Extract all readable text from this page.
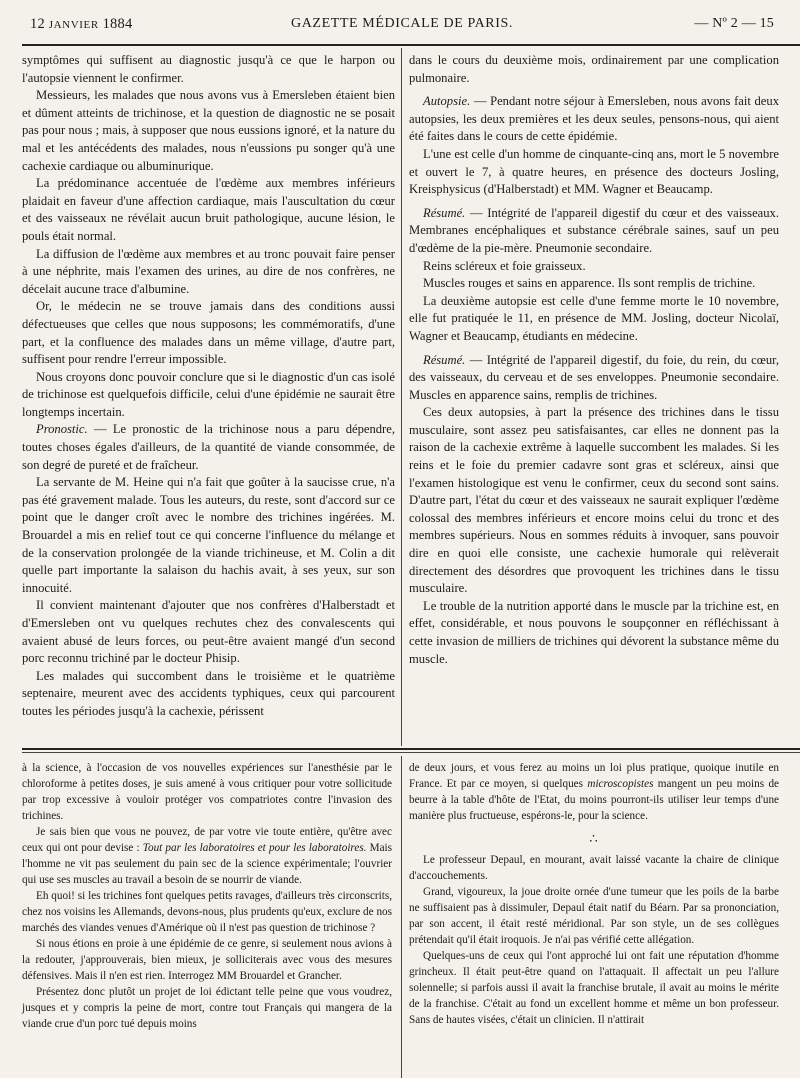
12 JANVIER 1884	GAZETTE MÉDICALE DE PARIS.	— Nº 2 — 15

symptômes qui suffisent au diagnostic jusqu'à ce que le harpon ou l'autopsie viennent le confirmer.

Messieurs, les malades que nous avons vus à Emersleben étaient bien et dûment atteints de trichinose, et la question de diagnostic ne se posait pas pour nous ; mais, à supposer que nous eussions ignoré, et la nature du mal et les antécédents des malades, nous n'eussions pu songer qu'à une cachexie cardiaque ou albuminurique.

La prédominance accentuée de l'œdème aux membres inférieurs plaidait en faveur d'une affection cardiaque, mais l'auscultation du cœur et des vaisseaux ne révélait aucun bruit pathologique, aucune lésion, le pouls était normal.

La diffusion de l'œdème aux membres et au tronc pouvait faire penser à une néphrite, mais l'examen des urines, au dire de nos confrères, ne décelait aucune trace d'albumine.

Or, le médecin ne se trouve jamais dans des conditions aussi défectueuses que celles que nous supposons; les commémoratifs, d'une part, et la confluence des malades dans un même village, d'autre part, suffisent pour rendre l'erreur impossible.

Nous croyons donc pouvoir conclure que si le diagnostic d'un cas isolé de trichinose est quelquefois difficile, celui d'une épidémie ne saurait être longtemps incertain.

Pronostic. — Le pronostic de la trichinose nous a paru dépendre, toutes choses égales d'ailleurs, de la quantité de viande consommée, de son degré de pureté et de fraîcheur.

La servante de M. Heine qui n'a fait que goûter à la saucisse crue, n'a pas été gravement malade. Tous les auteurs, du reste, sont d'accord sur ce point que le danger croît avec le nombre des trichines ingérées. M. Brouardel a mis en relief tout ce qui concerne l'influence du mélange et de la conservation prolongée de la viande trichineuse, et M. Colin a dit quelle part importante la salaison du hachis avait, à ses yeux, sur son innocuité.

Il convient maintenant d'ajouter que nos confrères d'Halberstadt et d'Emersleben ont vu quelques rechutes chez des convalescents qui avaient abusé de leurs forces, ou peut-être avaient mangé d'un second porc reconnu trichiné par le docteur Phisip.

Les malades qui succombent dans le troisième et le quatrième septenaire, meurent avec des accidents typhiques, ceux qui parcourent toutes les périodes jusqu'à la cachexie, périssent

dans le cours du deuxième mois, ordinairement par une complication pulmonaire.

Autopsie. — Pendant notre séjour à Emersleben, nous avons fait deux autopsies, les deux premières et les deux seules, pensons-nous, qui aient été faites dans le cours de cette épidémie.

L'une est celle d'un homme de cinquante-cinq ans, mort le 5 novembre et ouvert le 7, à quatre heures, en présence des docteurs Josling, Kreisphysicus (d'Halberstadt) et MM. Wagner et Beaucamp.

Résumé. — Intégrité de l'appareil digestif du cœur et des vaisseaux. Membranes encéphaliques et substance cérébrale saines, sauf un peu d'œdème de la pie-mère. Pneumonie secondaire.

Reins scléreux et foie graisseux.

Muscles rouges et sains en apparence. Ils sont remplis de trichine.

La deuxième autopsie est celle d'une femme morte le 10 novembre, elle fut pratiquée le 11, en présence de MM. Josling, docteur Nicolaï, Wagner et Beaucamp, étudiants en médecine.

Résumé. — Intégrité de l'appareil digestif, du foie, du rein, du cœur, des vaisseaux, du cerveau et de ses enveloppes. Pneumonie secondaire. Muscles en apparence sains, remplis de trichines.

Ces deux autopsies, à part la présence des trichines dans le tissu musculaire, sont assez peu satisfaisantes, car elles ne donnent pas la raison de la cachexie extrême à laquelle succombent les malades. Si les reins et le foie du premier cadavre sont gras et scléreux, ainsi que l'examen histologique est venu le confirmer, ceux du second sont sains. D'autre part, l'état du cœur et des vaisseaux ne saurait expliquer l'œdème colossal des membres inférieurs et encore moins celui du tronc et des membres supérieurs. Nous en sommes réduits à invoquer, sans pouvoir dire en quoi elle consiste, une cachexie humorale qui relèverait directement des désordres que provoquent les trichines dans le tissu musculaire.

Le trouble de la nutrition apporté dans le muscle par la trichine est, en effet, considérable, et nous pouvons le soupçonner en réfléchissant à cette invasion de milliers de trichines qui dévorent la substance même du muscle.

à la science, à l'occasion de vos nouvelles expériences sur l'anesthésie par le chloroforme à petites doses, je suis amené à vous critiquer pour votre sollicitude par trop excessive à vouloir protéger vos compatriotes contre l'invasion des trichines.

Je sais bien que vous ne pouvez, de par votre vie toute entière, qu'être avec ceux qui ont pour devise : Tout par les laboratoires et pour les laboratoires. Mais l'homme ne vit pas seulement du pain sec de la science expérimentale; l'ouvrier qui use ses muscles au travail a besoin de se nourrir de viande.

Eh quoi! si les trichines font quelques petits ravages, d'ailleurs très circonscrits, chez nos voisins les Allemands, devons-nous, plus prudents qu'eux, exclure de nos marchés des viandes venues d'Amérique où il n'est pas question de trichinose ?

Si nous étions en proie à une épidémie de ce genre, si seulement nous avions à la redouter, j'approuverais, bien mieux, je solliciterais avec vous des mesures défensives. Mais il n'en est rien. Interrogez MM Brouardel et Grancher.

Présentez donc plutôt un projet de loi édictant telle peine que vous voudrez, jusques et y compris la peine de mort, contre tout Français qui mangera de la viande crue d'un porc tué depuis moins

de deux jours, et vous ferez au moins un loi plus pratique, quoique inutile en France. Et par ce moyen, si quelques microscopistes mangent un peu moins de beurre à la table d'hôte de l'Etat, du moins pourront-ils utiliser leur temps d'une manière plus fructueuse, espérons-le, pour la science.

∴

Le professeur Depaul, en mourant, avait laissé vacante la chaire de clinique d'accouchements.

Grand, vigoureux, la joue droite ornée d'une tumeur que les poils de la barbe ne suffisaient pas à dissimuler, Depaul était natif du Béarn. Par sa prononciation, par son accent, il était resté méridional. Par son style, un de ses collègues prétendait qu'il était iroquois. Je n'ai pas vérifié cette allégation.

Quelques-uns de ceux qui l'ont approché lui ont fait une réputation d'homme grincheux. Il était peut-être quand on l'attaquait. Il affectait un peu l'allure solennelle; si parfois aussi il avait la franchise brutale, il avait au moins le mérite de la franchise. C'était au fond un excellent homme et même un bon professeur. Sans de hautes visées, c'était un clinicien. Il n'attirait
